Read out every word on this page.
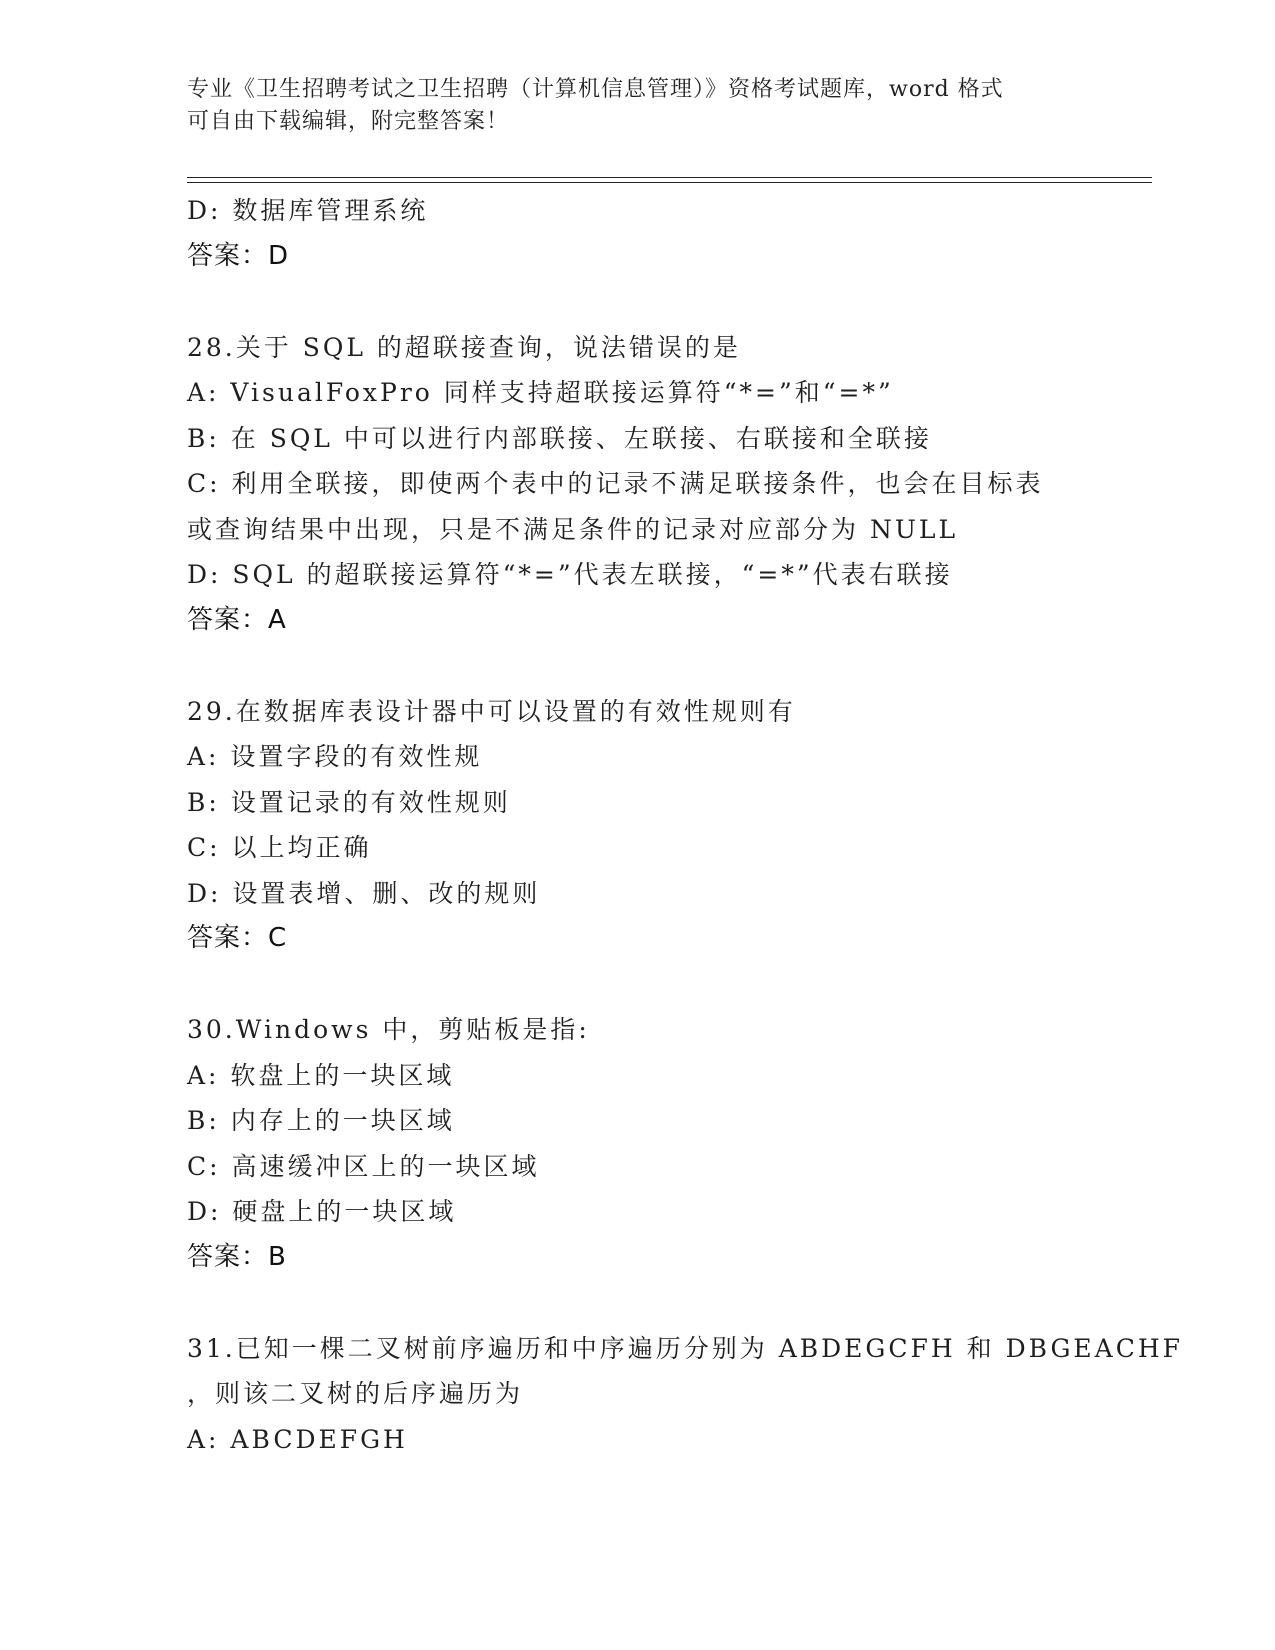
专业《卫生招聘考试之卫生招聘（计算机信息管理）》资格考试题库，word 格式
可自由下载编辑，附完整答案！
D: 数据库管理系统
答案：D
28.关于 SQL 的超联接查询，说法错误的是
A: VisualFoxPro 同样支持超联接运算符“*=”和“=*”
B: 在 SQL 中可以进行内部联接、左联接、右联接和全联接
C: 利用全联接，即使两个表中的记录不满足联接条件，也会在目标表
或查询结果中出现，只是不满足条件的记录对应部分为 NULL
D: SQL 的超联接运算符“*=”代表左联接，“=*”代表右联接
答案：A
29.在数据库表设计器中可以设置的有效性规则有
A: 设置字段的有效性规
B: 设置记录的有效性规则
C: 以上均正确
D: 设置表增、删、改的规则
答案：C
30.Windows 中，剪贴板是指:
A: 软盘上的一块区域
B: 内存上的一块区域
C: 高速缓冲区上的一块区域
D: 硬盘上的一块区域
答案：B
31.已知一棵二叉树前序遍历和中序遍历分别为 ABDEGCFH 和 DBGEACHF
，则该二叉树的后序遍历为
A: ABCDEFGH
